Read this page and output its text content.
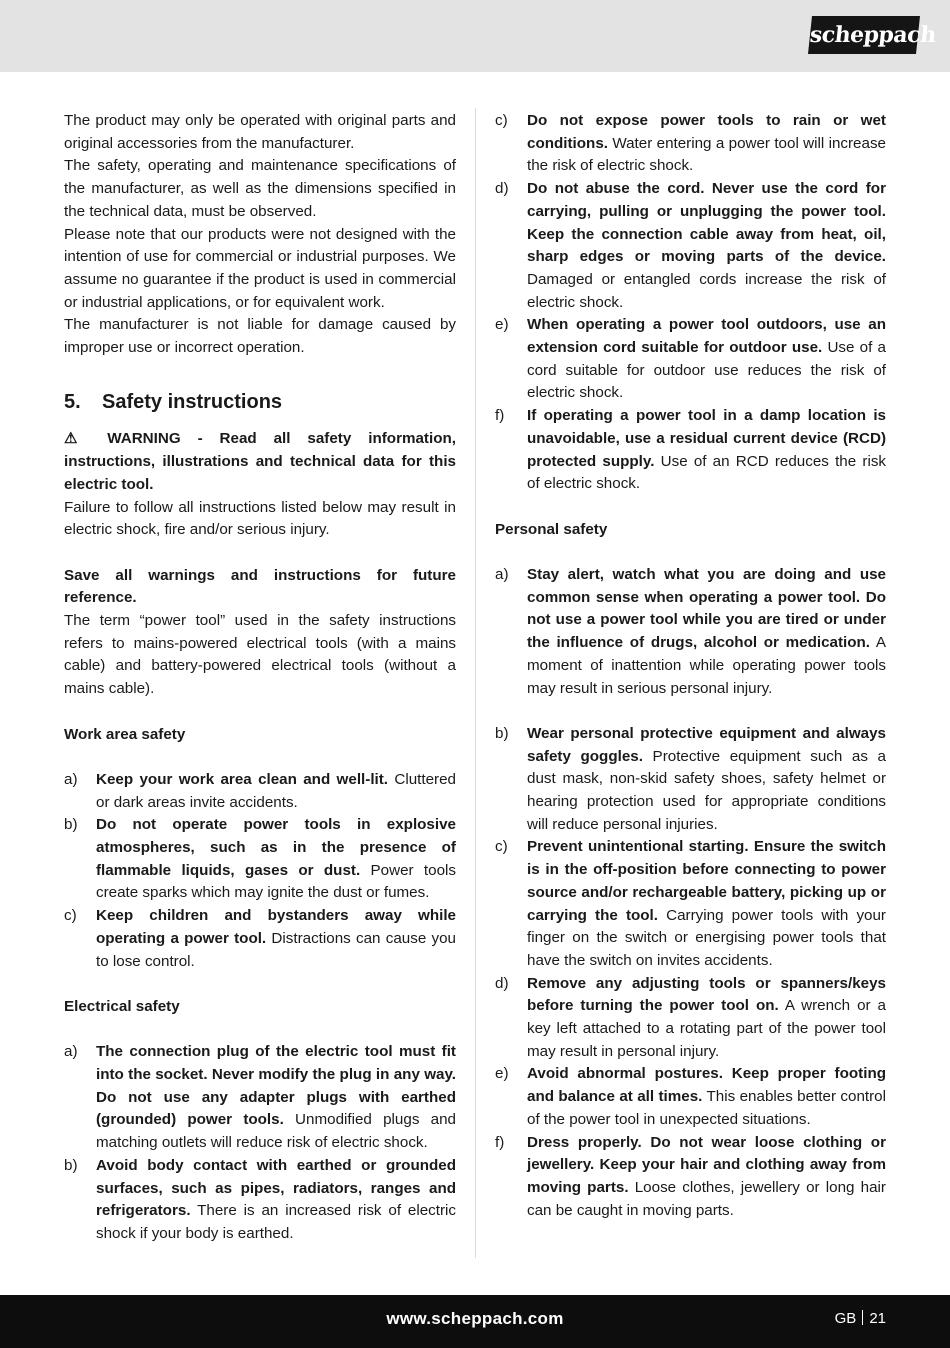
scheppach

The product may only be operated with original parts and original accessories from the manufacturer.

The safety, operating and maintenance specifications of the manufacturer, as well as the dimensions specified in the technical data, must be observed.

Please note that our products were not designed with the intention of use for commercial or industrial purposes. We assume no guarantee if the product is used in commercial or industrial applications, or for equivalent work.

The manufacturer is not liable for damage caused by improper use or incorrect operation.

5.	Safety instructions

⚠ WARNING - Read all safety information, instructions, illustrations and technical data for this electric tool.

Failure to follow all instructions listed below may result in electric shock, fire and/or serious injury.

Save all warnings and instructions for future reference.

The term “power tool” used in the safety instructions refers to mains-powered electrical tools (with a mains cable) and battery-powered electrical tools (without a mains cable).

Work area safety

a)	Keep your work area clean and well-lit. Cluttered or dark areas invite accidents.
b)	Do not operate power tools in explosive atmospheres, such as in the presence of flammable liquids, gases or dust. Power tools create sparks which may ignite the dust or fumes.
c)	Keep children and bystanders away while operating a power tool. Distractions can cause you to lose control.

Electrical safety

a)	The connection plug of the electric tool must fit into the socket. Never modify the plug in any way. Do not use any adapter plugs with earthed (grounded) power tools. Unmodified plugs and matching outlets will reduce risk of electric shock.
b)	Avoid body contact with earthed or grounded surfaces, such as pipes, radiators, ranges and refrigerators. There is an increased risk of electric shock if your body is earthed.
c)	Do not expose power tools to rain or wet conditions. Water entering a power tool will increase the risk of electric shock.
d)	Do not abuse the cord. Never use the cord for carrying, pulling or unplugging the power tool. Keep the connection cable away from heat, oil, sharp edges or moving parts of the device. Damaged or entangled cords increase the risk of electric shock.
e)	When operating a power tool outdoors, use an extension cord suitable for outdoor use. Use of a cord suitable for outdoor use reduces the risk of electric shock.
f)	If operating a power tool in a damp location is unavoidable, use a residual current device (RCD) protected supply. Use of an RCD reduces the risk of electric shock.

Personal safety

a)	Stay alert, watch what you are doing and use common sense when operating a power tool. Do not use a power tool while you are tired or under the influence of drugs, alcohol or medication. A moment of inattention while operating power tools may result in serious personal injury.
b)	Wear personal protective equipment and always safety goggles. Protective equipment such as a dust mask, non-skid safety shoes, safety helmet or hearing protection used for appropriate conditions will reduce personal injuries.
c)	Prevent unintentional starting. Ensure the switch is in the off-position before connecting to power source and/or rechargeable battery, picking up or carrying the tool. Carrying power tools with your finger on the switch or energising power tools that have the switch on invites accidents.
d)	Remove any adjusting tools or spanners/keys before turning the power tool on. A wrench or a key left attached to a rotating part of the power tool may result in personal injury.
e)	Avoid abnormal postures. Keep proper footing and balance at all times. This enables better control of the power tool in unexpected situations.
f)	Dress properly. Do not wear loose clothing or jewellery. Keep your hair and clothing away from moving parts. Loose clothes, jewellery or long hair can be caught in moving parts.
www.scheppach.com	GB 21
